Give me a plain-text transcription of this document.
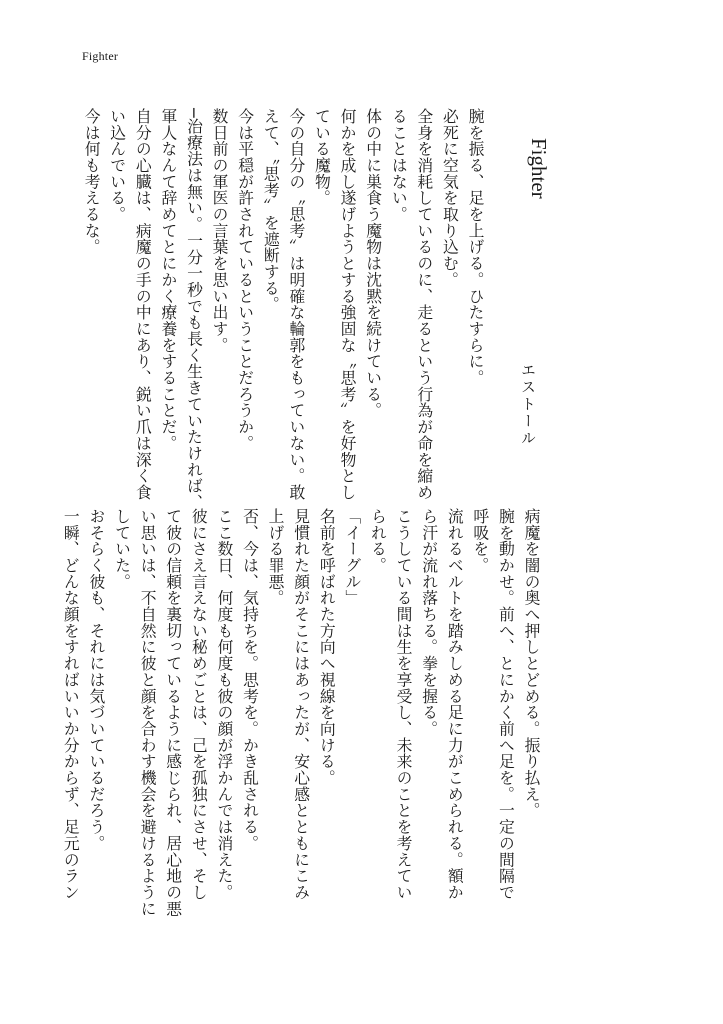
Fighter
Fighter
エストール
腕を振る、足を上げる。ひたすらに。
必死に空気を取り込む。
全身を消耗しているのに、走るという行為が命を縮め
ることはない。
体の中に巣食う魔物は沈黙を続けている。
何かを成し遂げようとする強固な〝思考〟を好物とし
ている魔物。
今の自分の〝思考〟は明確な輪郭をもっていない。敢
えて、〝思考〟を遮断する。
今は平穏が許されているということだろうか。
数日前の軍医の言葉を思い出す。
─治療法は無い。一分一秒でも長く生きていたければ、
軍人なんて辞めてとにかく療養をすることだ。
自分の心臓は、病魔の手の中にあり、鋭い爪は深く食
い込んでいる。
今は何も考えるな。
病魔を闇の奥へ押しとどめる。振り払え。
腕を動かせ。前へ、とにかく前へ足を。一定の間隔で
呼吸を。
流れるベルトを踏みしめる足に力がこめられる。額か
ら汗が流れ落ちる。拳を握る。
こうしている間は生を享受し、未来のことを考えてい
られる。
「イーグル」
名前を呼ばれた方向へ視線を向ける。
見慣れた顔がそこにはあったが、安心感とともにこみ
上げる罪悪。
否、今は、気持ちを。思考を。かき乱される。
ここ数日、何度も何度も彼の顔が浮かんでは消えた。
彼にさえ言えない秘めごとは、己を孤独にさせ、そし
て彼の信頼を裏切っているように感じられ、居心地の悪
い思いは、不自然に彼と顔を合わす機会を避けるように
していた。
おそらく彼も、それには気づいているだろう。
一瞬、どんな顔をすればいいか分からず、足元のラン
